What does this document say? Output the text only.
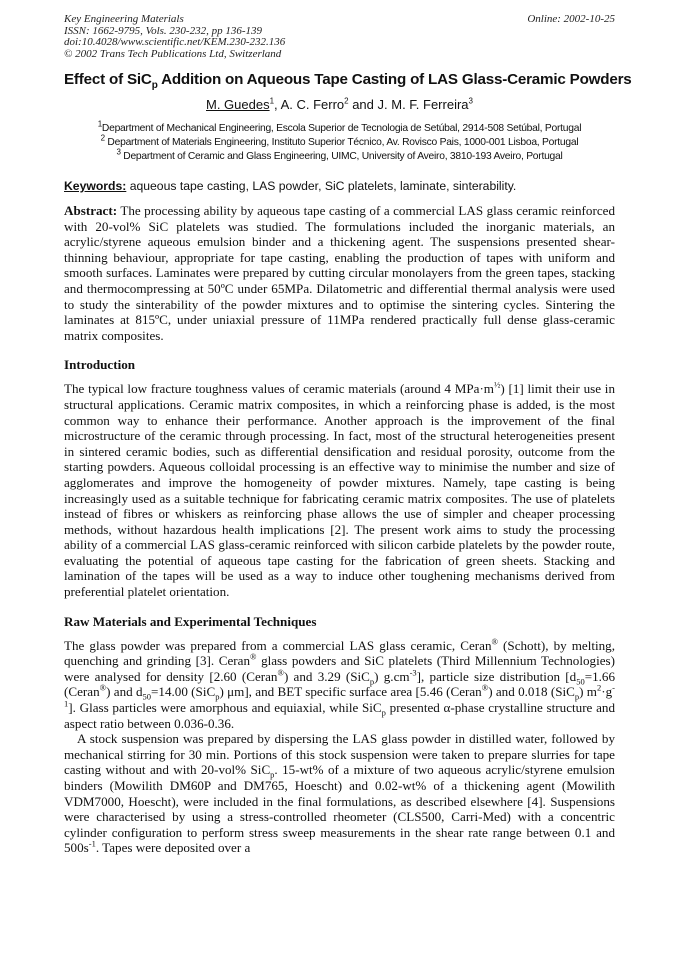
Key Engineering Materials
ISSN: 1662-9795, Vols. 230-232, pp 136-139
doi:10.4028/www.scientific.net/KEM.230-232.136
© 2002 Trans Tech Publications Ltd, Switzerland
Online: 2002-10-25
Effect of SiC$_p$ Addition on Aqueous Tape Casting of LAS Glass-Ceramic Powders
M. Guedes$^1$, A. C. Ferro$^2$ and J. M. F. Ferreira$^3$
$^1$Department of Mechanical Engineering, Escola Superior de Tecnologia de Setúbal, 2914-508 Setúbal, Portugal
$^2$ Department of Materials Engineering, Instituto Superior Técnico, Av. Rovisco Pais, 1000-001 Lisboa, Portugal
$^3$ Department of Ceramic and Glass Engineering, UIMC, University of Aveiro, 3810-193 Aveiro, Portugal
Keywords: aqueous tape casting, LAS powder, SiC platelets, laminate, sinterability.

Abstract: The processing ability by aqueous tape casting of a commercial LAS glass ceramic reinforced with 20-vol% SiC platelets was studied. The formulations included the inorganic materials, an acrylic/styrene aqueous emulsion binder and a thickening agent. The suspensions presented shear-thinning behaviour, appropriate for tape casting, enabling the production of tapes with uniform and smooth surfaces. Laminates were prepared by cutting circular monolayers from the green tapes, stacking and thermocompressing at 50ºC under 65MPa. Dilatometric and differential thermal analysis were used to study the sinterability of the powder mixtures and to optimise the sintering cycles. Sintering the laminates at 815ºC, under uniaxial pressure of 11MPa rendered practically full dense glass-ceramic matrix composites.

Introduction

The typical low fracture toughness values of ceramic materials (around 4 $MPa\cdot m^{\frac{1}{2}}$) [1] limit their use in structural applications. Ceramic matrix composites, in which a reinforcing phase is added, is the most common way to enhance their performance. Another approach is the improvement of the final microstructure of the ceramic through processing. In fact, most of the structural heterogeneities present in sintered ceramic bodies, such as differential densification and residual porosity, outcome from the starting powders. Aqueous colloidal processing is an effective way to minimise the number and size of agglomerates and improve the homogeneity of powder mixtures. Namely, tape casting is being increasingly used as a suitable technique for fabricating ceramic matrix composites. The use of platelets instead of fibres or whiskers as reinforcing phase allows the use of simpler and cheaper processing methods, without hazardous health implications [2]. The present work aims to study the processing ability of a commercial LAS glass-ceramic reinforced with silicon carbide platelets by the powder route, evaluating the potential of aqueous tape casting for the fabrication of green sheets. Stacking and lamination of the tapes will be used as a way to induce other toughening mechanisms derived from preferential platelet orientation.

Raw Materials and Experimental Techniques

The glass powder was prepared from a commercial LAS glass ceramic, Ceran® (Schott), by melting, quenching and grinding [3]. Ceran® glass powders and SiC platelets (Third Millennium Technologies) were analysed for density [2.60 (Ceran®) and 3.29 (SiC$_p$) $g.cm^{-3}$], particle size distribution [$d_{50}=1.66$ (Ceran®) and $d_{50}=14.00$ (SiC$_p$) μm], and BET specific surface area [5.46 (Ceran®) and 0.018 (SiC$_p$) $m^2\cdot g^{-1}$]. Glass particles were amorphous and equiaxial, while SiC$_p$ presented α-phase crystalline structure and aspect ratio between 0.036-0.36.

A stock suspension was prepared by dispersing the LAS glass powder in distilled water, followed by mechanical stirring for 30 min. Portions of this stock suspension were taken to prepare slurries for tape casting without and with 20-vol% SiC$_p$. 15-wt% of a mixture of two aqueous acrylic/styrene emulsion binders (Mowilith DM60P and DM765, Hoescht) and 0.02-wt% of a thickening agent (Mowilith VDM7000, Hoescht), were included in the final formulations, as described elsewhere [4]. Suspensions were characterised by using a stress-controlled rheometer (CLS500, Carri-Med) with a concentric cylinder configuration to perform stress sweep measurements in the shear rate range between 0.1 and $500s^{-1}$. Tapes were deposited over a
